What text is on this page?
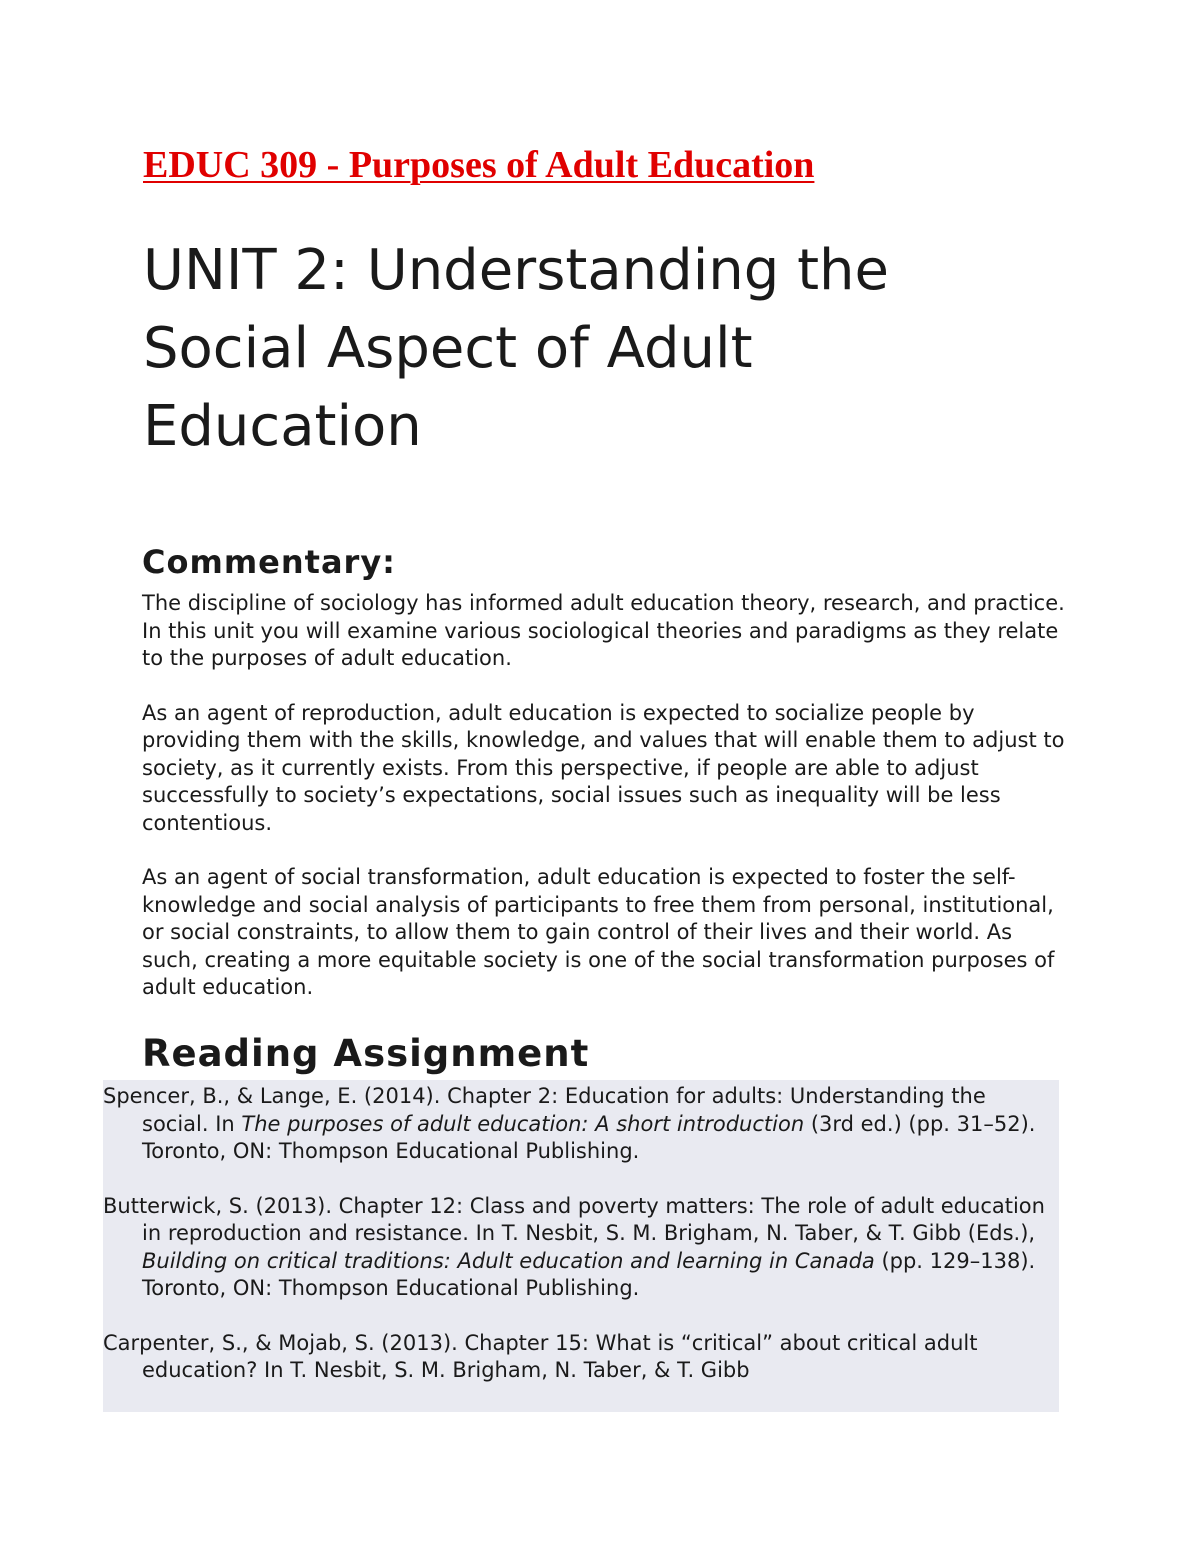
EDUC 309 - Purposes of Adult Education
UNIT 2: Understanding the Social Aspect of Adult Education
Commentary:

The discipline of sociology has informed adult education theory, research, and practice. In this unit you will examine various sociological theories and paradigms as they relate to the purposes of adult education.

As an agent of reproduction, adult education is expected to socialize people by providing them with the skills, knowledge, and values that will enable them to adjust to society, as it currently exists. From this perspective, if people are able to adjust successfully to society’s expectations, social issues such as inequality will be less contentious.

As an agent of social transformation, adult education is expected to foster the self-knowledge and social analysis of participants to free them from personal, institutional, or social constraints, to allow them to gain control of their lives and their world. As such, creating a more equitable society is one of the social transformation purposes of adult education.

Reading Assignment

Spencer, B., & Lange, E. (2014). Chapter 2: Education for adults: Understanding the social. In The purposes of adult education: A short introduction (3rd ed.) (pp. 31–52). Toronto, ON: Thompson Educational Publishing.

Butterwick, S. (2013). Chapter 12: Class and poverty matters: The role of adult education in reproduction and resistance. In T. Nesbit, S. M. Brigham, N. Taber, & T. Gibb (Eds.), Building on critical traditions: Adult education and learning in Canada (pp. 129–138). Toronto, ON: Thompson Educational Publishing.

Carpenter, S., & Mojab, S. (2013). Chapter 15: What is “critical” about critical adult education? In T. Nesbit, S. M. Brigham, N. Taber, & T. Gibb
